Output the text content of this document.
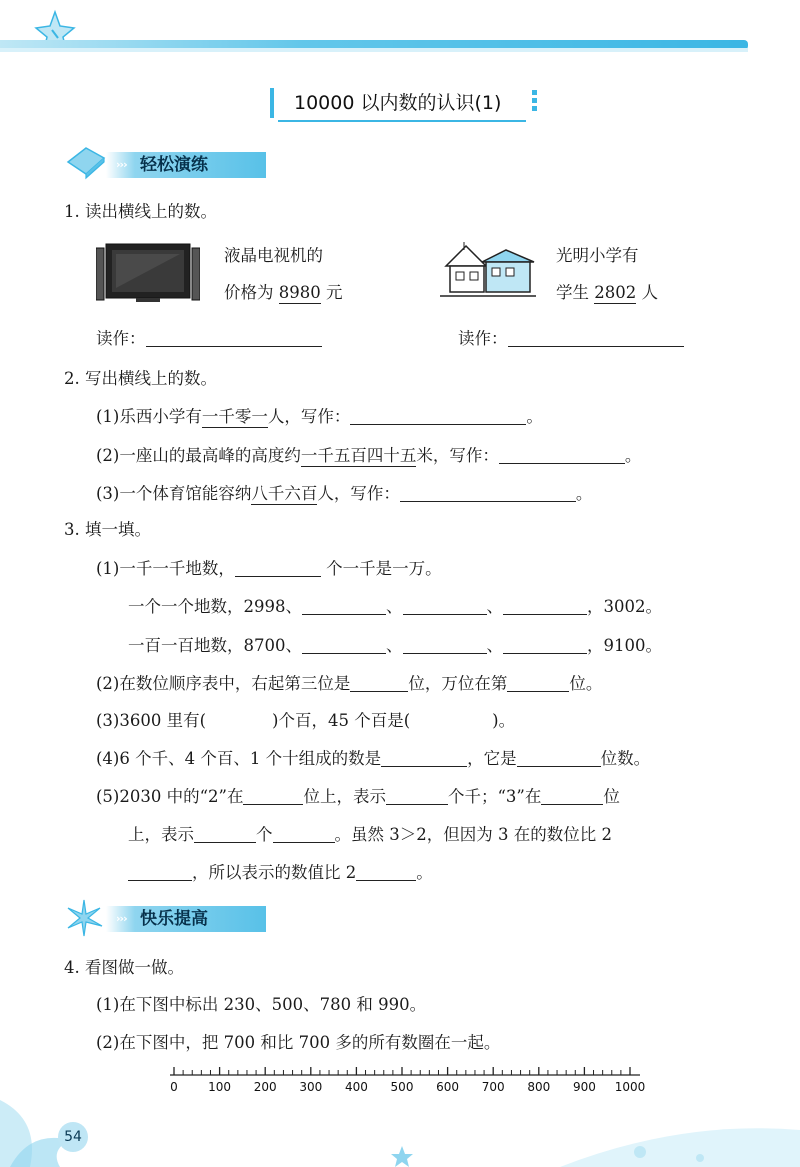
10000 以内数的认识(1)
轻松演练
›››
1. 读出横线上的数。
液晶电视机的
价格为 8980 元
光明小学有
学生 2802 人
读作：	读作：
2. 写出横线上的数。
(1)乐西小学有一千零一人，写作：	。
(2)一座山的最高峰的高度约一千五百四十五米，写作：	。
(3)一个体育馆能容纳八千六百人，写作：	。
3. 填一填。
(1)一千一千地数，	个一千是一万。
一个一个地数，2998、	、	、	，3002。
一百一百地数，8700、	、	、	，9100。
(2)在数位顺序表中，右起第三位是	位，万位在第	位。
(3)3600 里有(	)个百，45 个百是(	)。
(4)6 个千、4 个百、1 个十组成的数是	，它是	位数。
(5)2030 中的“2”在	位上，表示	个千；“3”在	位
上，表示	个	。虽然 3＞2，但因为 3 在的数位比 2
，所以表示的数值比 2	。
快乐提高
›››
4. 看图做一做。
(1)在下图中标出 230、500、780 和 990。
(2)在下图中，把 700 和比 700 多的所有数圈在一起。
0	100 200 300 400 500 600 700 800 900 1000
54
